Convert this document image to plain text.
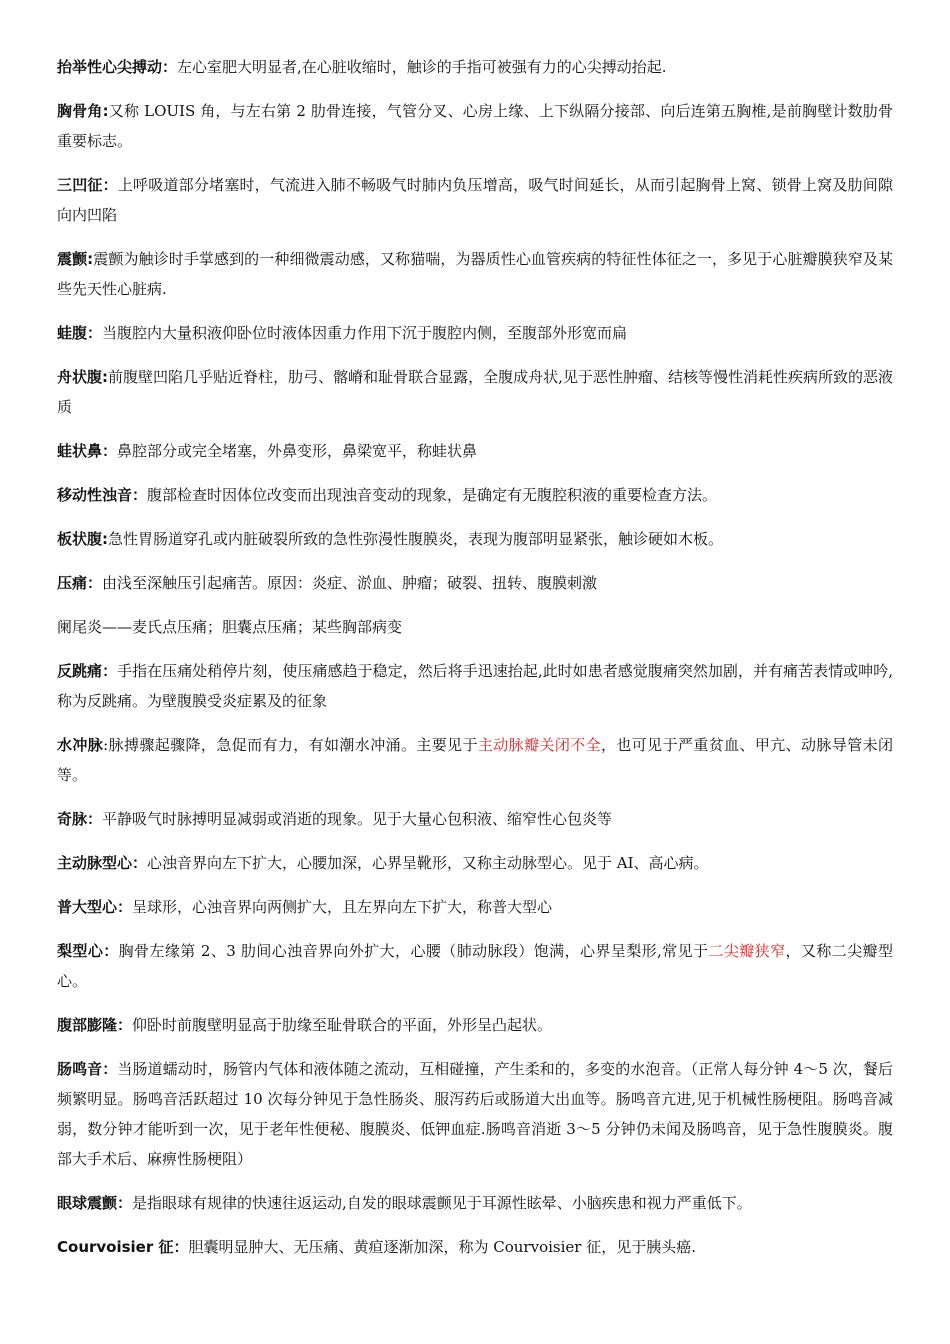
抬举性心尖搏动：左心室肥大明显者,在心脏收缩时，触诊的手指可被强有力的心尖搏动抬起.

胸骨角:又称 LOUIS 角，与左右第 2 肋骨连接，气管分叉、心房上缘、上下纵隔分接部、向后连第五胸椎,是前胸壁计数肋骨重要标志。

三凹征：上呼吸道部分堵塞时，气流进入肺不畅吸气时肺内负压增高，吸气时间延长，从而引起胸骨上窝、锁骨上窝及肋间隙向内凹陷

震颤:震颤为触诊时手掌感到的一种细微震动感，又称猫喘，为器质性心血管疾病的特征性体征之一，多见于心脏瓣膜狭窄及某些先天性心脏病.

蛙腹：当腹腔内大量积液仰卧位时液体因重力作用下沉于腹腔内侧，至腹部外形宽而扁

舟状腹:前腹壁凹陷几乎贴近脊柱，肋弓、髂嵴和耻骨联合显露，全腹成舟状,见于恶性肿瘤、结核等慢性消耗性疾病所致的恶液质

蛙状鼻：鼻腔部分或完全堵塞，外鼻变形，鼻梁宽平，称蛙状鼻

移动性浊音：腹部检查时因体位改变而出现浊音变动的现象，是确定有无腹腔积液的重要检查方法。

板状腹:急性胃肠道穿孔或内脏破裂所致的急性弥漫性腹膜炎，表现为腹部明显紧张，触诊硬如木板。

压痛：由浅至深触压引起痛苦。原因：炎症、淤血、肿瘤；破裂、扭转、腹膜刺激

阑尾炎——麦氏点压痛；胆囊点压痛；某些胸部病变

反跳痛：手指在压痛处稍停片刻，使压痛感趋于稳定，然后将手迅速抬起,此时如患者感觉腹痛突然加剧，并有痛苦表情或呻吟,称为反跳痛。为壁腹膜受炎症累及的征象

水冲脉:脉搏骤起骤降，急促而有力，有如潮水冲涌。主要见于主动脉瓣关闭不全，也可见于严重贫血、甲亢、动脉导管未闭等。

奇脉：平静吸气时脉搏明显减弱或消逝的现象。见于大量心包积液、缩窄性心包炎等

主动脉型心：心浊音界向左下扩大，心腰加深，心界呈靴形，又称主动脉型心。见于 AI、高心病。

普大型心：呈球形，心浊音界向两侧扩大，且左界向左下扩大，称普大型心

梨型心：胸骨左缘第 2、3 肋间心浊音界向外扩大，心腰（肺动脉段）饱满，心界呈梨形,常见于二尖瓣狭窄，又称二尖瓣型心。

腹部膨隆：仰卧时前腹壁明显高于肋缘至耻骨联合的平面，外形呈凸起状。

肠鸣音：当肠道蠕动时，肠管内气体和液体随之流动，互相碰撞，产生柔和的，多变的水泡音。（正常人每分钟 4～5 次，餐后频繁明显。肠鸣音活跃超过 10 次每分钟见于急性肠炎、服泻药后或肠道大出血等。肠鸣音亢进,见于机械性肠梗阻。肠鸣音减弱，数分钟才能听到一次，见于老年性便秘、腹膜炎、低钾血症.肠鸣音消逝 3～5 分钟仍未闻及肠鸣音，见于急性腹膜炎。腹部大手术后、麻痹性肠梗阻）

眼球震颤：是指眼球有规律的快速往返运动,自发的眼球震颤见于耳源性眩晕、小脑疾患和视力严重低下。

Courvoisier 征：胆囊明显肿大、无压痛、黄疸逐渐加深，称为 Courvoisier 征，见于胰头癌.
